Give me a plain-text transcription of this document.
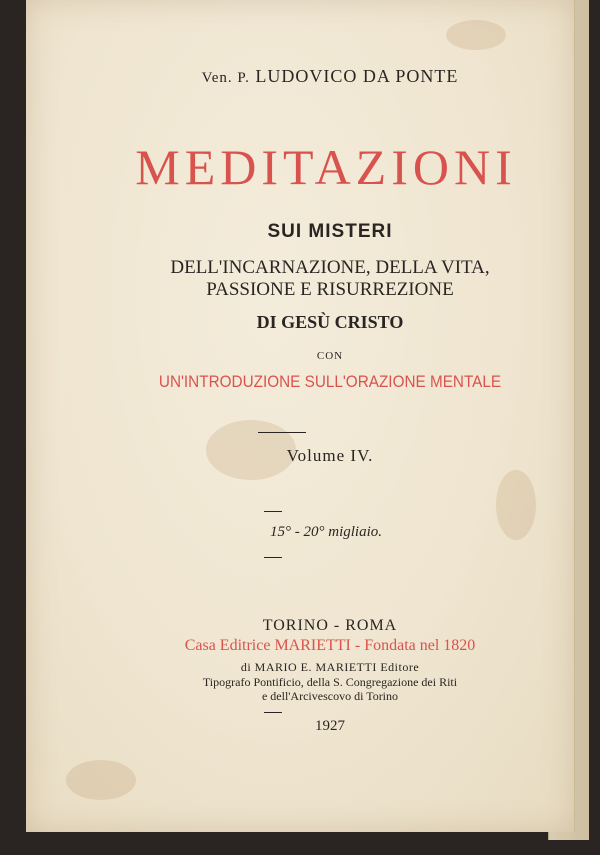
Ven. P. LUDOVICO DA PONTE
MEDITAZIONI
SUI MISTERI
DELL'INCARNAZIONE, DELLA VITA,
PASSIONE E RISURREZIONE
DI GESÙ CRISTO
CON
UN'INTRODUZIONE SULL'ORAZIONE MENTALE
Volume IV.
15° - 20° migliaio.
TORINO - ROMA
Casa Editrice MARIETTI - Fondata nel 1820
di MARIO E. MARIETTI Editore
Tipografo Pontificio, della S. Congregazione dei Riti
e dell'Arcivescovo di Torino
1927
